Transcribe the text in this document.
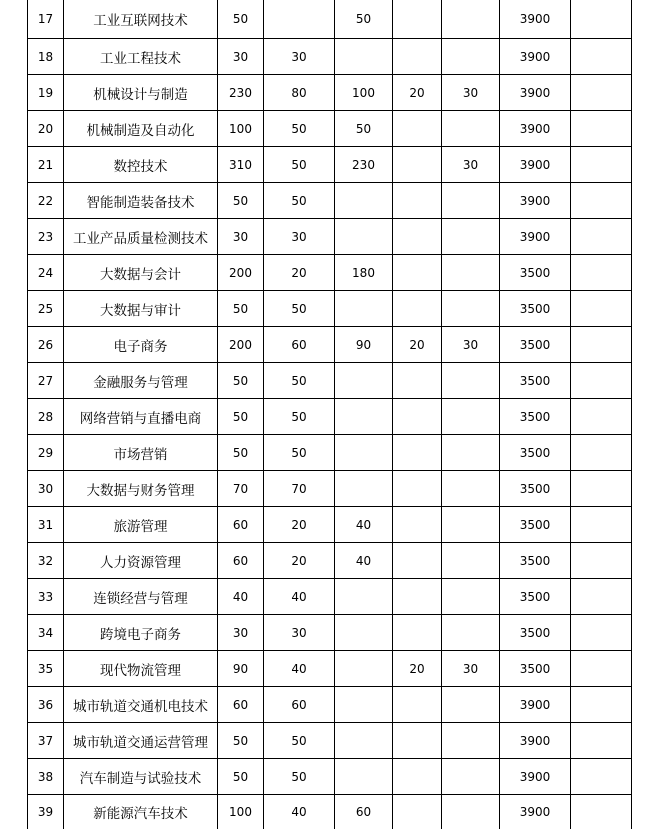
17	工业互联网技术	50		50			3900	
18	工业工程技术	30	30				3900	
19	机械设计与制造	230	80	100	20	30	3900	
20	机械制造及自动化	100	50	50			3900	
21	数控技术	310	50	230		30	3900	
22	智能制造装备技术	50	50				3900	
23	工业产品质量检测技术	30	30				3900	
24	大数据与会计	200	20	180			3500	
25	大数据与审计	50	50				3500	
26	电子商务	200	60	90	20	30	3500	
27	金融服务与管理	50	50				3500	
28	网络营销与直播电商	50	50				3500	
29	市场营销	50	50				3500	
30	大数据与财务管理	70	70				3500	
31	旅游管理	60	20	40			3500	
32	人力资源管理	60	20	40			3500	
33	连锁经营与管理	40	40				3500	
34	跨境电子商务	30	30				3500	
35	现代物流管理	90	40		20	30	3500	
36	城市轨道交通机电技术	60	60				3900	
37	城市轨道交通运营管理	50	50				3900	
38	汽车制造与试验技术	50	50				3900	
39	新能源汽车技术	100	40	60			3900	
